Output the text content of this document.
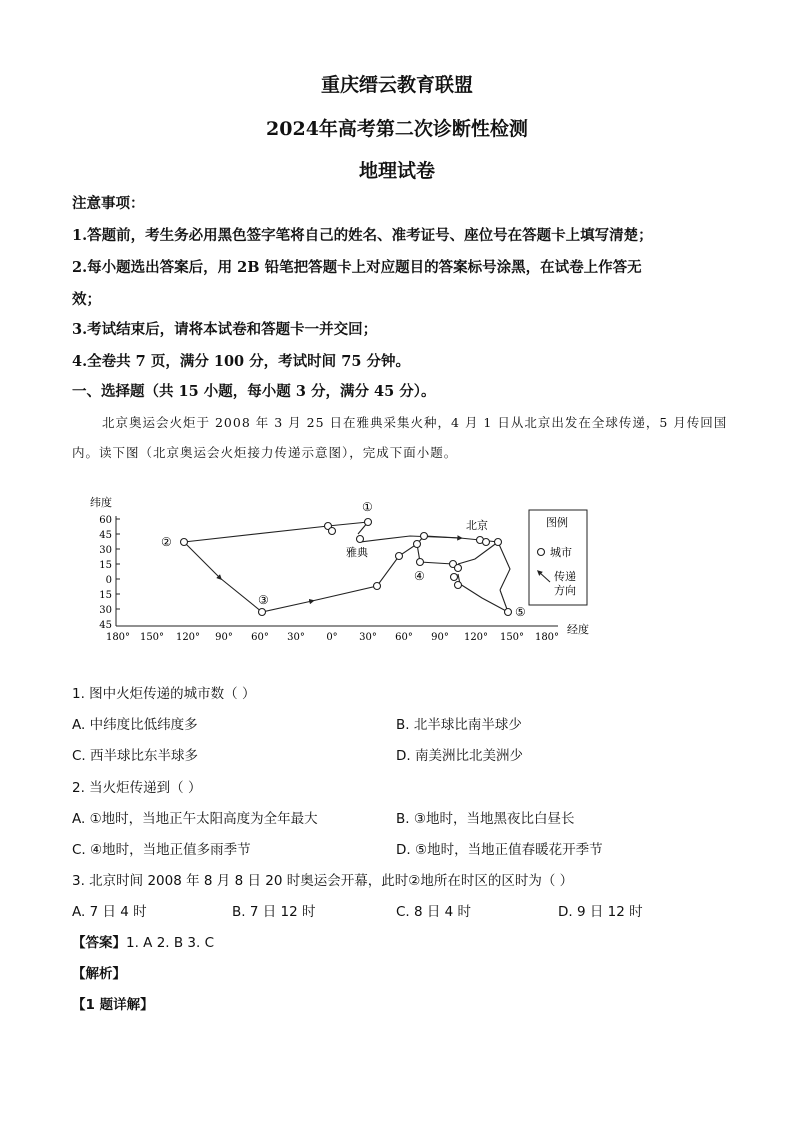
重庆缙云教育联盟
2024年高考第二次诊断性检测
地理试卷
注意事项：
1.答题前，考生务必用黑色签字笔将自己的姓名、准考证号、座位号在答题卡上填写清楚；
2.每小题选出答案后，用 2B 铅笔把答题卡上对应题目的答案标号涂黑，在试卷上作答无
效；
3.考试结束后，请将本试卷和答题卡一并交回；
4.全卷共 7 页，满分 100 分，考试时间 75 分钟。
一、选择题（共 15 小题，每小题 3 分，满分 45 分）。
北京奥运会火炬于 2008 年 3 月 25 日在雅典采集火种，4 月 1 日从北京出发在全球传递，5 月传回国
内。读下图（北京奥运会火炬接力传递示意图），完成下面小题。
纬度
经度
60
45
30
15
0
15
30
45
180° 150° 120° 90° 60° 30° 0° 30° 60° 90° 120° 150° 180°
①
②
③
④
⑤
雅典
北京	图例
城市
传递
方向
1. 图中火炬传递的城市数（ ）
A. 中纬度比低纬度多	B. 北半球比南半球少
C. 西半球比东半球多	D. 南美洲比北美洲少
2. 当火炬传递到（ ）
A. ①地时，当地正午太阳高度为全年最大	B. ③地时，当地黑夜比白昼长
C. ④地时，当地正值多雨季节	D. ⑤地时，当地正值春暖花开季节
3. 北京时间 2008 年 8 月 8 日 20 时奥运会开幕，此时②地所在时区的区时为（ ）
A. 7 日 4 时	B. 7 日 12 时	C. 8 日 4 时	D. 9 日 12 时
【答案】1. A 2. B 3. C
【解析】
【1 题详解】
